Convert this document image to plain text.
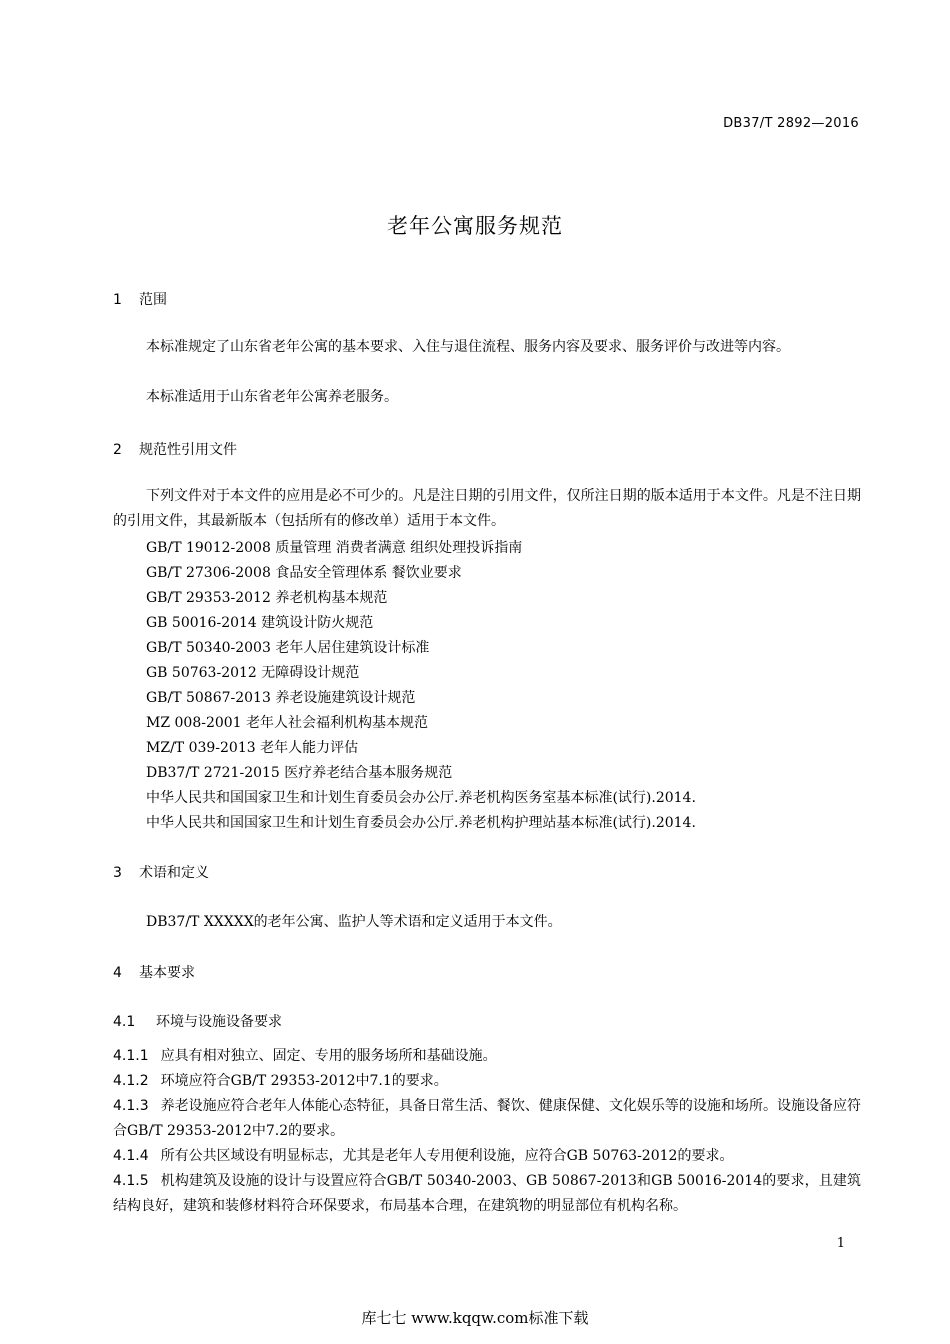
DB37/T 2892—2016
老年公寓服务规范
1 范围
本标准规定了山东省老年公寓的基本要求、入住与退住流程、服务内容及要求、服务评价与改进等内容。
本标准适用于山东省老年公寓养老服务。
2 规范性引用文件
下列文件对于本文件的应用是必不可少的。凡是注日期的引用文件，仅所注日期的版本适用于本文件。凡是不注日期的引用文件，其最新版本（包括所有的修改单）适用于本文件。
GB/T 19012-2008 质量管理 消费者满意 组织处理投诉指南
GB/T 27306-2008 食品安全管理体系 餐饮业要求
GB/T 29353-2012 养老机构基本规范
GB 50016-2014 建筑设计防火规范
GB/T 50340-2003 老年人居住建筑设计标准
GB 50763-2012 无障碍设计规范
GB/T 50867-2013 养老设施建筑设计规范
MZ 008-2001 老年人社会福利机构基本规范
MZ/T 039-2013 老年人能力评估
DB37/T 2721-2015 医疗养老结合基本服务规范
中华人民共和国国家卫生和计划生育委员会办公厅.养老机构医务室基本标准(试行).2014.
中华人民共和国国家卫生和计划生育委员会办公厅.养老机构护理站基本标准(试行).2014.
3 术语和定义
DB37/T XXXXX的老年公寓、监护人等术语和定义适用于本文件。
4 基本要求
4.1 环境与设施设备要求
4.1.1 应具有相对独立、固定、专用的服务场所和基础设施。
4.1.2 环境应符合GB/T 29353-2012中7.1的要求。
4.1.3 养老设施应符合老年人体能心态特征，具备日常生活、餐饮、健康保健、文化娱乐等的设施和场所。设施设备应符合GB/T 29353-2012中7.2的要求。
4.1.4 所有公共区域设有明显标志，尤其是老年人专用便利设施，应符合GB 50763-2012的要求。
4.1.5 机构建筑及设施的设计与设置应符合GB/T 50340-2003、GB 50867-2013和GB 50016-2014的要求，且建筑结构良好，建筑和装修材料符合环保要求，布局基本合理，在建筑物的明显部位有机构名称。
1
库七七 www.kqqw.com标准下载
